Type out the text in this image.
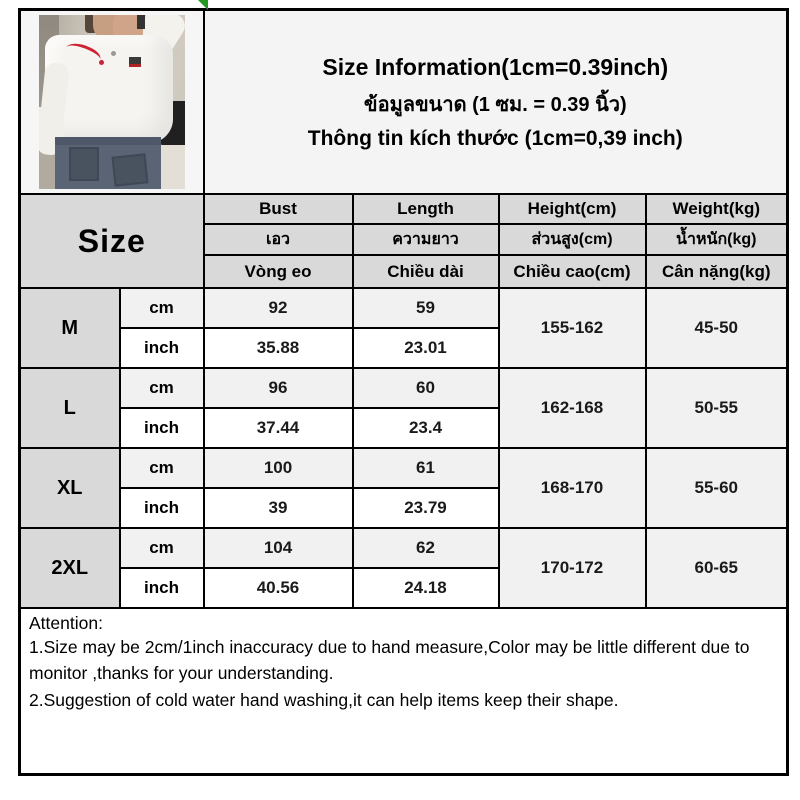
		Size Information(1cm=0.39inch)
ข้อมูลขนาด (1 ซม. = 0.39 นิ้ว)
Thông tin kích thước (1cm=0,39 inch)			

Size		Bust	Length	Height(cm)	Weight(kg)
		เอว	ความยาว	ส่วนสูง(cm)	น้ำหนัก(kg)
		Vòng eo	Chiều dài	Chiều cao(cm)	Cân nặng(kg)
M	cm	92	59	155-162	45-50
	inch	35.88	23.01		
L	cm	96	60	162-168	50-55
	inch	37.44	23.4		
XL	cm	100	61	168-170	55-60
	inch	39	23.79		
2XL	cm	104	62	170-172	60-65
	inch	40.56	24.18		

Attention:
1.Size may be 2cm/1inch inaccuracy due to hand measure,Color may be little different due to monitor ,thanks for your understanding.
2.Suggestion of cold water hand washing,it can help items keep their shape.					
